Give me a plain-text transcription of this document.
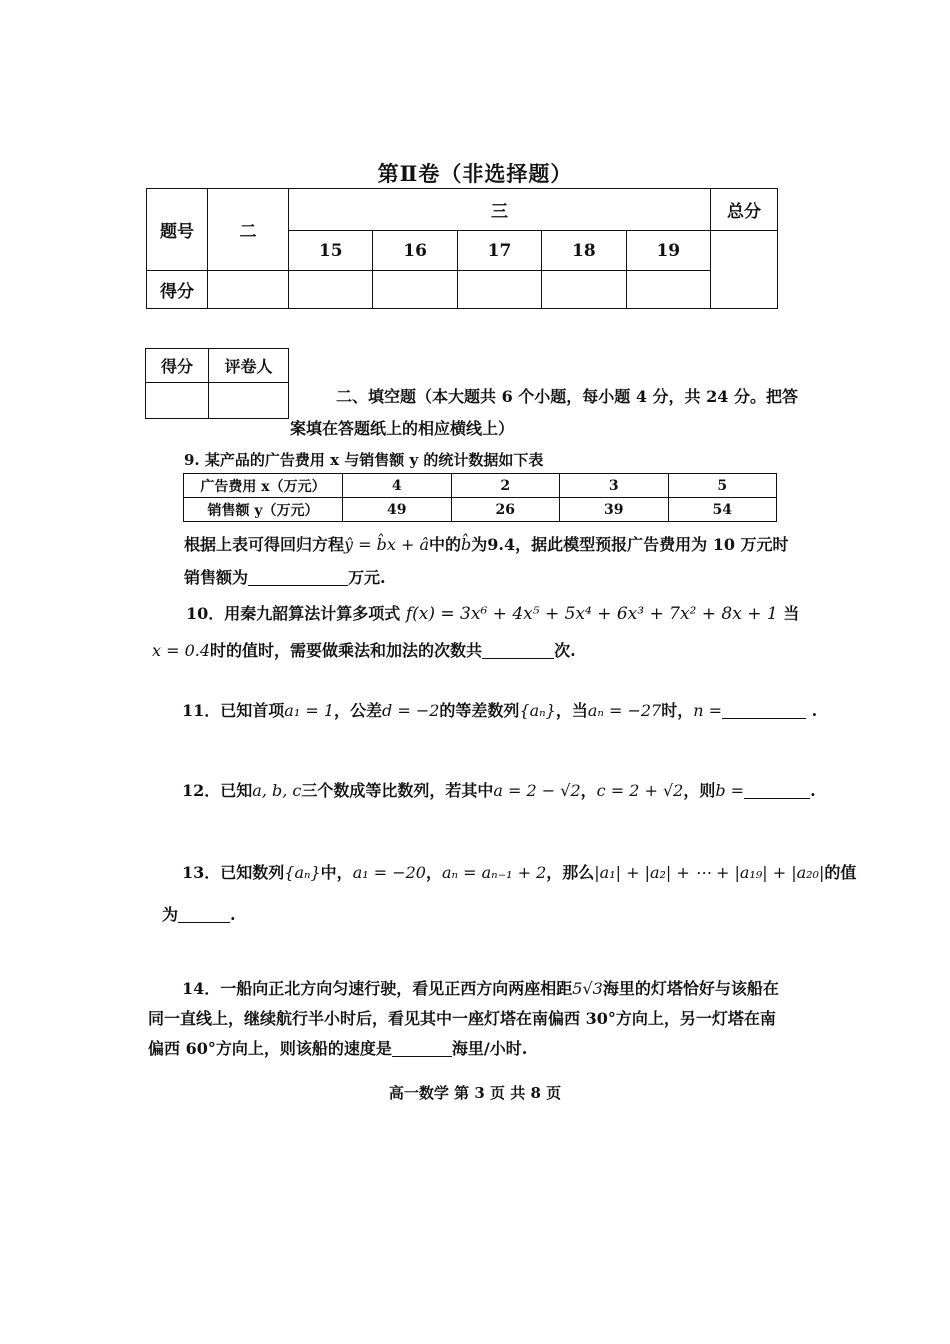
第Ⅱ卷（非选择题）
题号	二	三					总分
		15	16	17	18	19	
得分							
得分	评卷人

二、填空题（本大题共 6 个小题，每小题 4 分，共 24 分。把答
案填在答题纸上的相应横线上）
9. 某产品的广告费用 x 与销售额 y 的统计数据如下表
广告费用 x（万元）	4	2	3	5
销售额 y（万元）	49	26	39	54
根据上表可得回归方程ŷ = b̂x + â中的b̂为9.4，据此模型预报广告费用为 10 万元时
销售额为	万元.
10．用秦九韶算法计算多项式 f(x) = 3x⁶ + 4x⁵ + 5x⁴ + 6x³ + 7x² + 8x + 1 当
x = 0.4时的值时，需要做乘法和加法的次数共	次.
11．已知首项a₁ = 1，公差d = −2的等差数列{aₙ}，当aₙ = −27时，n =	.
12．已知a, b, c三个数成等比数列，若其中a = 2 − √2，c = 2 + √2，则b =	.
13．已知数列{aₙ}中，a₁ = −20，aₙ = aₙ₋₁ + 2，那么|a₁| + |a₂| + ⋯ + |a₁₉| + |a₂₀|的值
为	.
14．一船向正北方向匀速行驶，看见正西方向两座相距5√3海里的灯塔恰好与该船在
同一直线上，继续航行半小时后，看见其中一座灯塔在南偏西 30°方向上，另一灯塔在南
偏西 60°方向上，则该船的速度是	海里/小时.
高一数学 第 3 页 共 8 页
